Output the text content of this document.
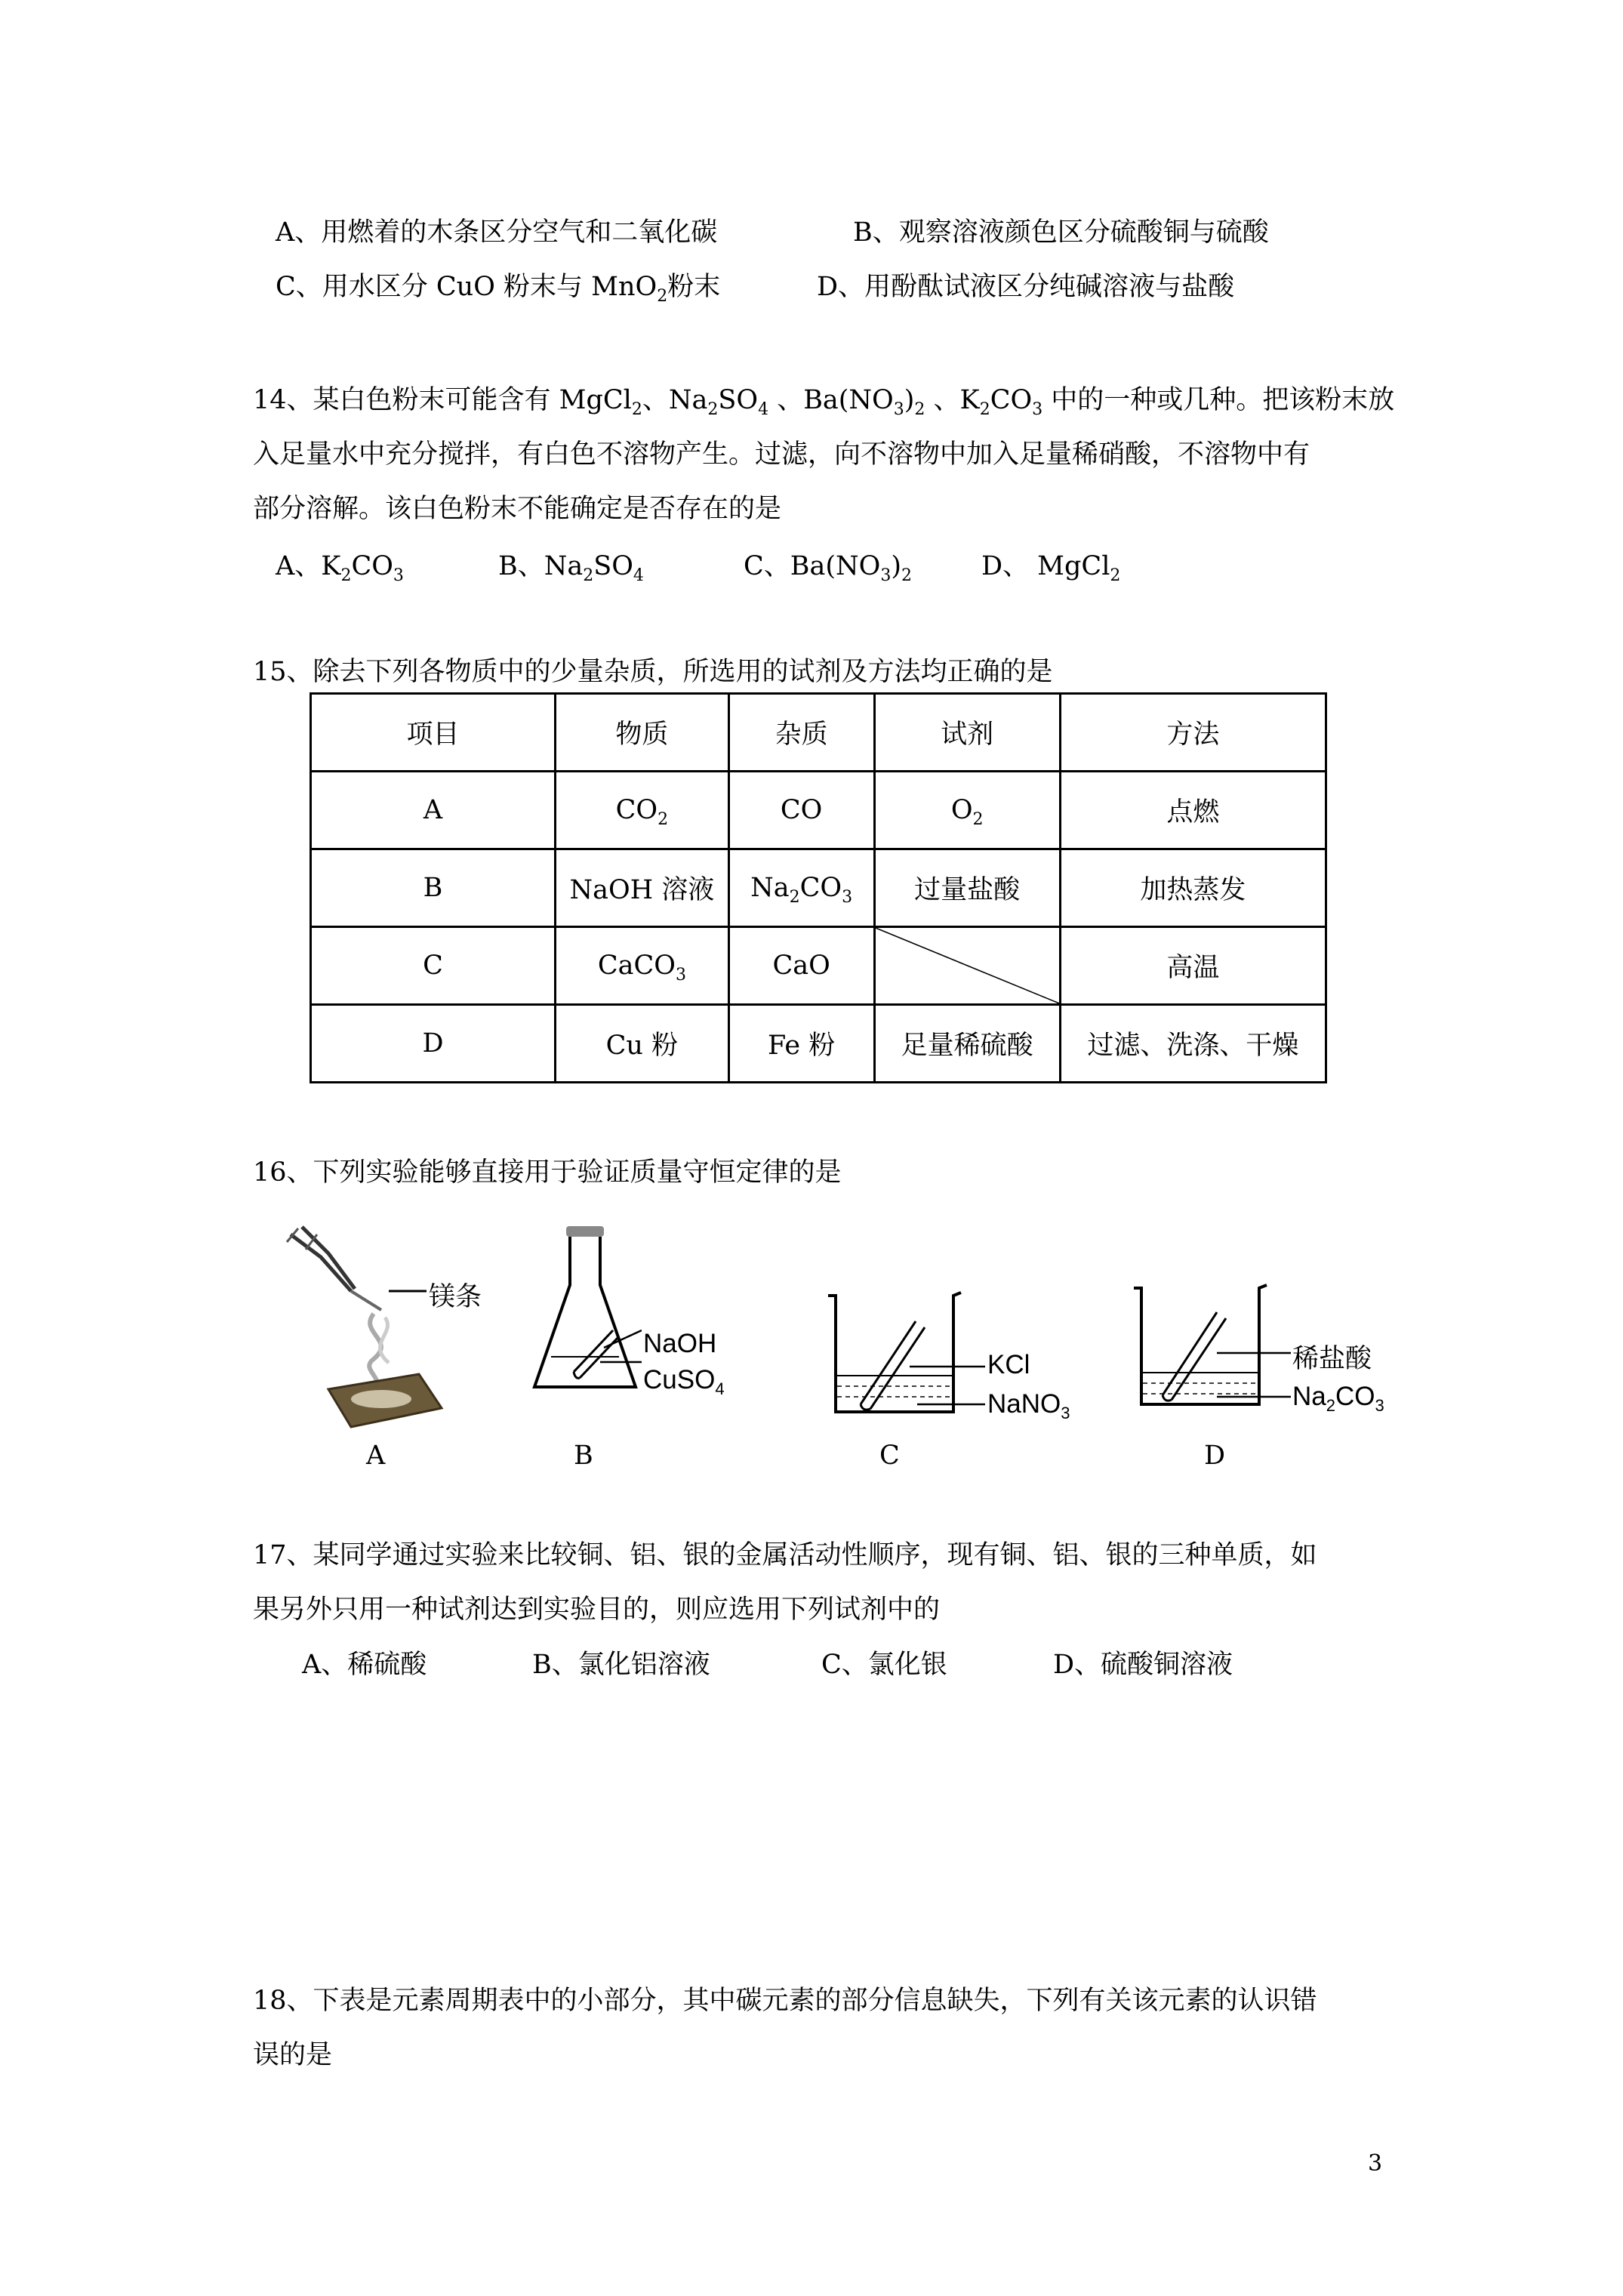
A、用燃着的木条区分空气和二氧化碳	B、观察溶液颜色区分硫酸铜与硫酸
C、用水区分 CuO 粉末与 MnO$_2$粉末	D、用酚酞试液区分纯碱溶液与盐酸
14、某白色粉末可能含有 MgCl$_2$、$Na_2SO_4$ 、$Ba(NO_3)_2$ 、$K_2CO_3$ 中的一种或几种。把该粉末放
入足量水中充分搅拌，有白色不溶物产生。过滤，向不溶物中加入足量稀硝酸，不溶物中有
部分溶解。该白色粉末不能确定是否存在的是
A、$K_2CO_3$	B、$Na_2SO_4$	C、$Ba(NO_3)_2$	D、 MgCl$_2$
15、除去下列各物质中的少量杂质，所选用的试剂及方法均正确的是
项目	物质	杂质	试剂	方法
A	$CO_2$	CO	$O_2$	点燃
B	NaOH 溶液	$Na_2CO_3$	过量盐酸	加热蒸发
C	CaCO$_3$	CaO		高温
D	Cu 粉	Fe 粉	足量稀硫酸	过滤、洗涤、干燥
16、下列实验能够直接用于验证质量守恒定律的是
镁条
NaOH
CuSO$_4$
KCl
NaNO$_3$
稀盐酸
$Na_2CO_3$
A	B	C	D
17、某同学通过实验来比较铜、铝、银的金属活动性顺序，现有铜、铝、银的三种单质，如
果另外只用一种试剂达到实验目的，则应选用下列试剂中的
A、稀硫酸	B、氯化铝溶液	C、氯化银	D、硫酸铜溶液
18、下表是元素周期表中的小部分，其中碳元素的部分信息缺失，下列有关该元素的认识错
误的是
3
